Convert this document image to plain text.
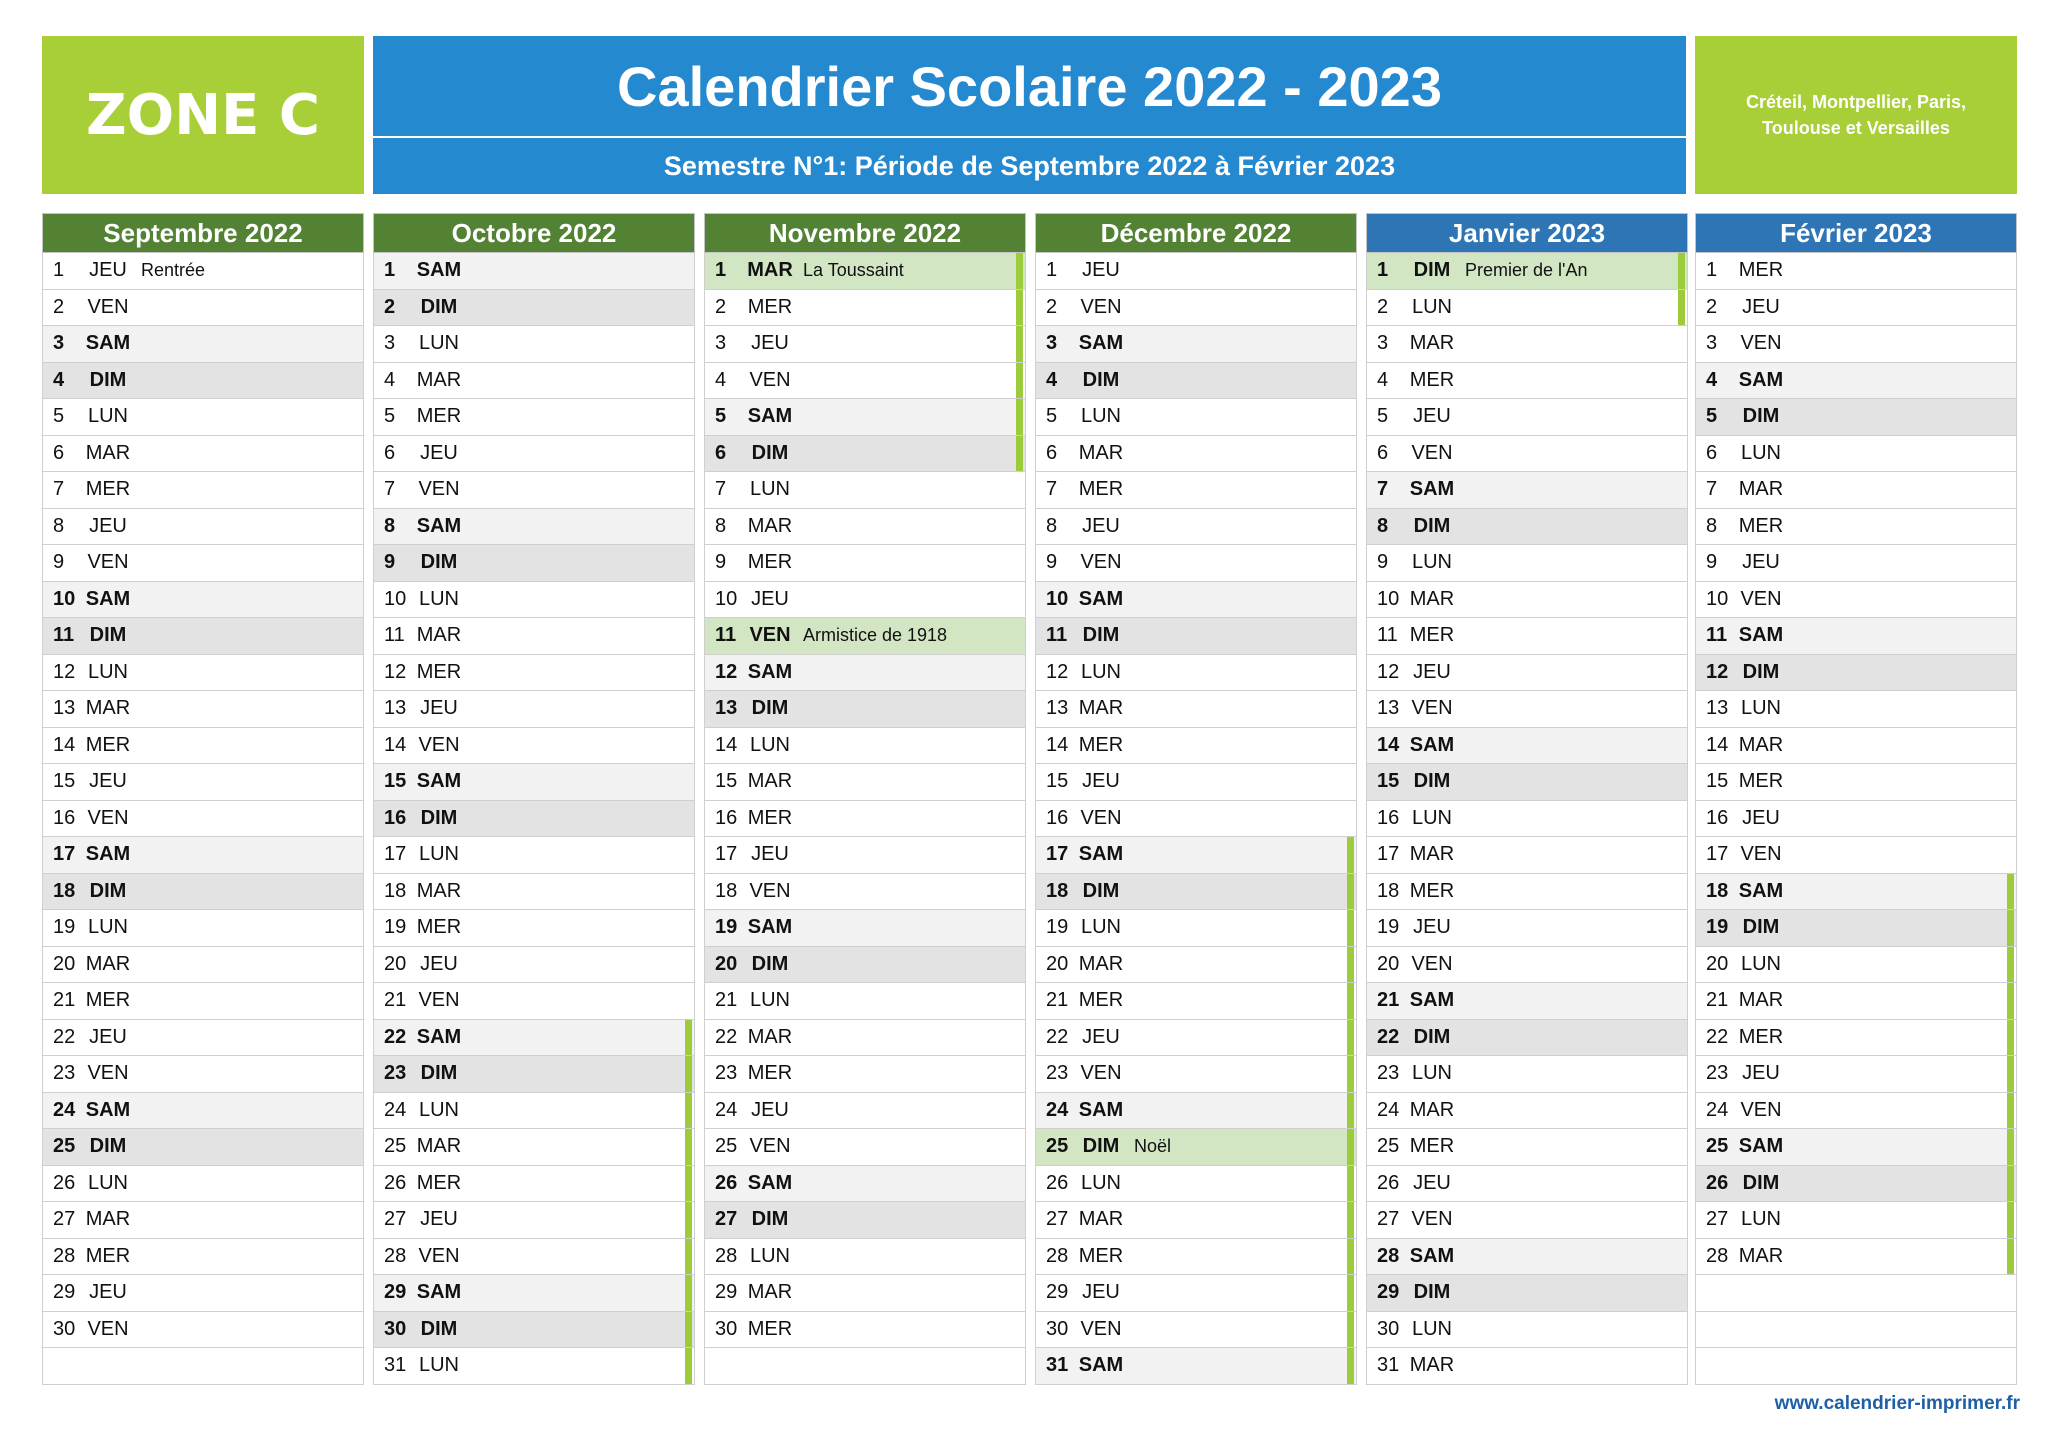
ZONE C	Calendrier Scolaire 2022 - 2023
Semestre N°1: Période de Septembre 2022 à Février 2023
Créteil, Montpellier, Paris, Toulouse et Versailles
Septembre 2022
1	JEU Rentrée
2	VEN
3	SAM
4	DIM
5	LUN
6	MAR
7	MER
8	JEU
9	VEN
10 SAM
11 DIM
12 LUN
13 MAR
14 MER
15 JEU
16 VEN
17 SAM
18 DIM
19 LUN
20 MAR
21 MER
22 JEU
23 VEN
24 SAM
25 DIM
26 LUN
27 MAR
28 MER
29 JEU
30 VEN
Octobre 2022
1	SAM
2	DIM
3	LUN
4	MAR
5	MER
6	JEU
7	VEN
8	SAM
9	DIM
10 LUN
11 MAR
12 MER
13 JEU
14 VEN
15 SAM
16 DIM
17 LUN
18 MAR
19 MER
20 JEU
21 VEN
22 SAM
23 DIM
24 LUN
25 MAR
26 MER
27 JEU
28 VEN
29 SAM
30 DIM
31 LUN
Novembre 2022
1	MAR La Toussaint
2	MER
3	JEU
4	VEN
5	SAM
6	DIM
7	LUN
8	MAR
9	MER
10 JEU
11 VEN Armistice de 1918
12 SAM
13 DIM
14 LUN
15 MAR
16 MER
17 JEU
18 VEN
19 SAM
20 DIM
21 LUN
22 MAR
23 MER
24 JEU
25 VEN
26 SAM
27 DIM
28 LUN
29 MAR
30 MER
Décembre 2022
1	JEU
2	VEN
3	SAM
4	DIM
5	LUN
6	MAR
7	MER
8	JEU
9	VEN
10 SAM
11 DIM
12 LUN
13 MAR
14 MER
15 JEU
16 VEN
17 SAM
18 DIM
19 LUN
20 MAR
21 MER
22 JEU
23 VEN
24 SAM
25 DIM Noël
26 LUN
27 MAR
28 MER
29 JEU
30 VEN
31 SAM
Janvier 2023
1	DIM Premier de l'An
2	LUN
3	MAR
4	MER
5	JEU
6	VEN
7	SAM
8	DIM
9	LUN
10 MAR
11 MER
12 JEU
13 VEN
14 SAM
15 DIM
16 LUN
17 MAR
18 MER
19 JEU
20 VEN
21 SAM
22 DIM
23 LUN
24 MAR
25 MER
26 JEU
27 VEN
28 SAM
29 DIM
30 LUN
31 MAR
Février 2023
1	MER
2	JEU
3	VEN
4	SAM
5	DIM
6	LUN
7	MAR
8	MER
9	JEU
10 VEN
11 SAM
12 DIM
13 LUN
14 MAR
15 MER
16 JEU
17 VEN
18 SAM
19 DIM
20 LUN
21 MAR
22 MER
23 JEU
24 VEN
25 SAM
26 DIM
27 LUN
28 MAR
www.calendrier-imprimer.fr
